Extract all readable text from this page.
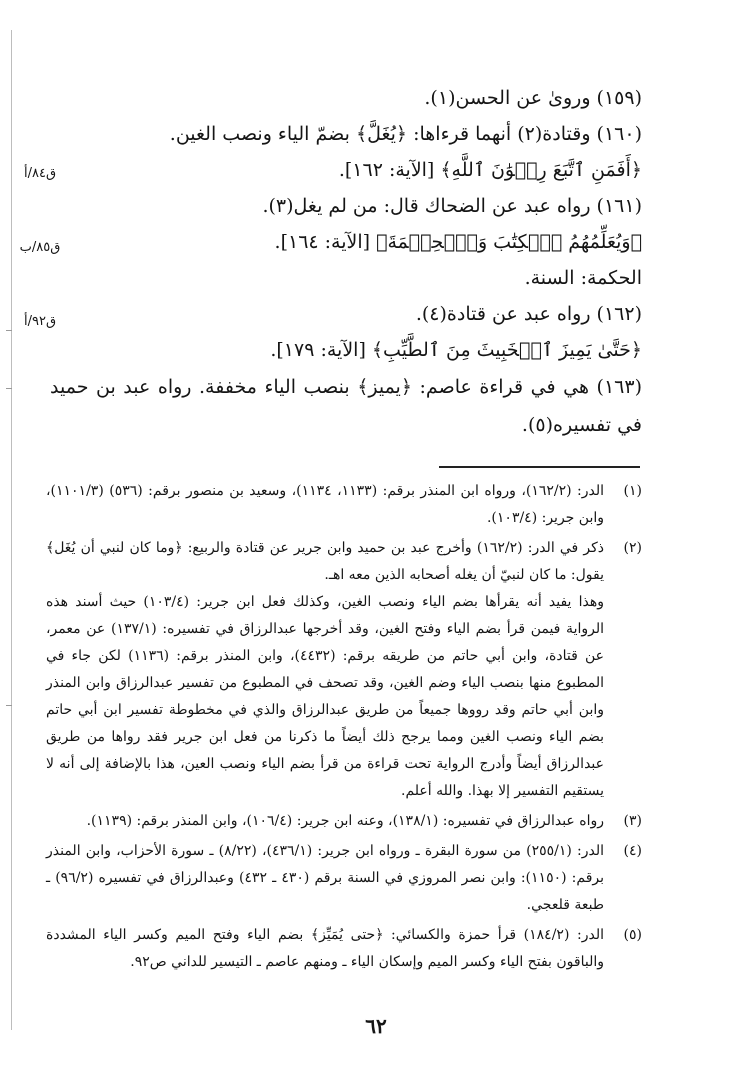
(١٥٩) ورویٰ عن الحسن(١).
(١٦٠) وقتادة(٢) أنهما قرءاها: ﴿يُغَلَّ﴾ بضمّ الياء ونصب الغين.
﴿أَفَمَنِ ٱتَّبَعَ رِضۡوَٰنَ ٱللَّهِ﴾ [الآية: ١٦٢].
(١٦١) رواه عبد عن الضحاك قال: من لم يغل(٣).
﴿وَيُعَلِّمُهُمُ ٱلۡكِتَٰبَ وَٱلۡحِكۡمَةَ﴾ [الآية: ١٦٤].
الحكمة: السنة.
(١٦٢) رواه عبد عن قتادة(٤).
﴿حَتَّىٰ يَمِيزَ ٱلۡخَبِيثَ مِنَ ٱلطَّيِّبِ﴾ [الآية: ١٧٩].
(١٦٣) هي في قراءة عاصم: ﴿يميز﴾ بنصب الياء مخففة. رواه عبد بن حميد في تفسيره(٥).
ق٨٤/أ
ق٨٥/ب
ق٩٢/أ
(١)

الدر: (١٦٢/٢)، ورواه ابن المنذر برقم: (١١٣٣، ١١٣٤)، وسعيد بن منصور برقم: (٥٣٦) (١١٠١/٣)، وابن جرير: (١٠٣/٤).

(٢)

ذكر في الدر: (١٦٢/٢) وأخرج عبد بن حميد وابن جرير عن قتادة والربيع: ﴿وما كان لنبي أن يُغَل﴾ يقول: ما كان لنبيّ أن يغله أصحابه الذين معه اهـ.

وهذا يفيد أنه يقرأها بضم الياء ونصب الغين، وكذلك فعل ابن جرير: (١٠٣/٤) حيث أسند هذه الرواية فيمن قرأ بضم الياء وفتح الغين، وقد أخرجها عبدالرزاق في تفسيره: (١٣٧/١) عن معمر، عن قتادة، وابن أبي حاتم من طريقه برقم: (٤٤٣٢)، وابن المنذر برقم: (١١٣٦) لكن جاء في المطبوع منها بنصب الياء وضم الغين، وقد تصحف في المطبوع من تفسير عبدالرزاق وابن المنذر وابن أبي حاتم وقد رووها جميعاً من طريق عبدالرزاق والذي في مخطوطة تفسير ابن أبي حاتم بضم الياء ونصب الغين ومما يرجح ذلك أيضاً ما ذكرنا من فعل ابن جرير فقد رواها من طريق عبدالرزاق أيضاً وأدرج الرواية تحت قراءة من قرأ بضم الياء ونصب العين، هذا بالإضافة إلى أنه لا يستقيم التفسير إلا بهذا. والله أعلم.

(٣)

رواه عبدالرزاق في تفسيره: (١٣٨/١)، وعنه ابن جرير: (١٠٦/٤)، وابن المنذر برقم: (١١٣٩).

(٤)

الدر: (٢٥٥/١) من سورة البقرة ـ ورواه ابن جرير: (٤٣٦/١)، (٨/٢٢) ـ سورة الأحزاب، وابن المنذر برقم: (١١٥٠): وابن نصر المروزي في السنة برقم (٤٣٠ ـ ٤٣٢) وعبدالرزاق في تفسيره (٩٦/٢) ـ طبعة قلعجي.

(٥)

الدر: (١٨٤/٢) قرأ حمزة والكسائي: ﴿حتى يُمَيِّز﴾ بضم الياء وفتح الميم وكسر الياء المشددة والباقون بفتح الياء وكسر الميم وإسكان الياء ـ ومنهم عاصم ـ التيسير للداني ص٩٢.

٦٢
